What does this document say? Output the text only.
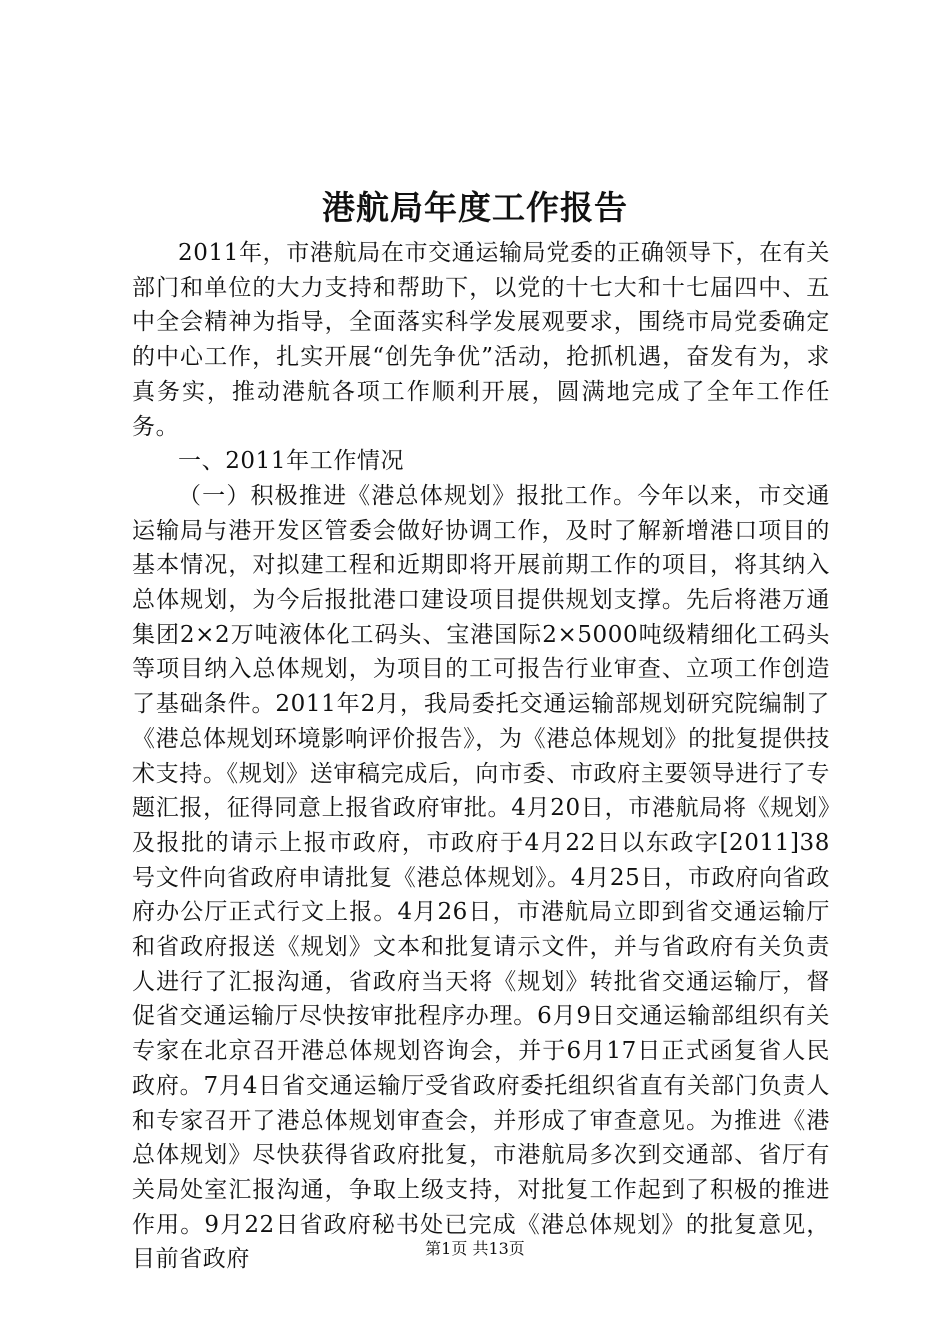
港航局年度工作报告

2011年，市港航局在市交通运输局党委的正确领导下，在有关部门和单位的大力支持和帮助下，以党的十七大和十七届四中、五中全会精神为指导，全面落实科学发展观要求，围绕市局党委确定的中心工作，扎实开展“创先争优”活动，抢抓机遇，奋发有为，求真务实，推动港航各项工作顺利开展，圆满地完成了全年工作任务。

一、2011年工作情况

（一）积极推进《港总体规划》报批工作。今年以来，市交通运输局与港开发区管委会做好协调工作，及时了解新增港口项目的基本情况，对拟建工程和近期即将开展前期工作的项目，将其纳入总体规划，为今后报批港口建设项目提供规划支撑。先后将港万通集团2×2万吨液体化工码头、宝港国际2×5000吨级精细化工码头等项目纳入总体规划，为项目的工可报告行业审查、立项工作创造了基础条件。2011年2月，我局委托交通运输部规划研究院编制了《港总体规划环境影响评价报告》，为《港总体规划》的批复提供技术支持。《规划》送审稿完成后，向市委、市政府主要领导进行了专题汇报，征得同意上报省政府审批。4月20日，市港航局将《规划》及报批的请示上报市政府，市政府于4月22日以东政字[2011]38号文件向省政府申请批复《港总体规划》。4月25日，市政府向省政府办公厅正式行文上报。4月26日，市港航局立即到省交通运输厅和省政府报送《规划》文本和批复请示文件，并与省政府有关负责人进行了汇报沟通，省政府当天将《规划》转批省交通运输厅，督促省交通运输厅尽快按审批程序办理。6月9日交通运输部组织有关专家在北京召开港总体规划咨询会，并于6月17日正式函复省人民政府。7月4日省交通运输厅受省政府委托组织省直有关部门负责人和专家召开了港总体规划审查会，并形成了审查意见。为推进《港总体规划》尽快获得省政府批复，市港航局多次到交通部、省厅有关局处室汇报沟通，争取上级支持，对批复工作起到了积极的推进作用。9月22日省政府秘书处已完成《港总体规划》的批复意见，目前省政府	第1页 共13页
